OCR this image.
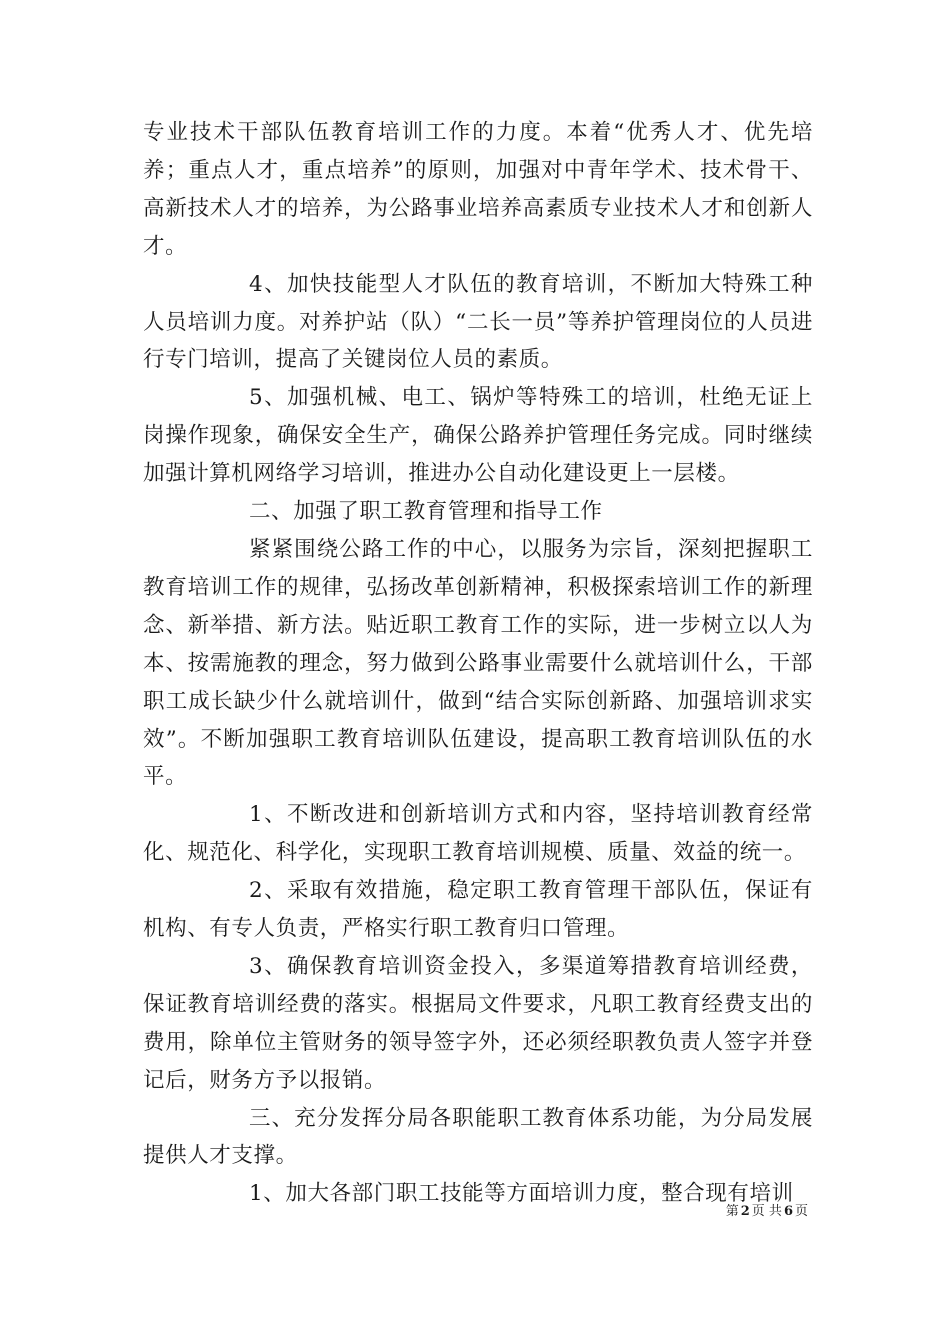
专业技术干部队伍教育培训工作的力度。本着“优秀人才、优先培养；重点人才，重点培养”的原则，加强对中青年学术、技术骨干、高新技术人才的培养，为公路事业培养高素质专业技术人才和创新人才。

4、加快技能型人才队伍的教育培训，不断加大特殊工种人员培训力度。对养护站（队）“二长一员”等养护管理岗位的人员进行专门培训，提高了关键岗位人员的素质。

5、加强机械、电工、锅炉等特殊工的培训，杜绝无证上岗操作现象，确保安全生产，确保公路养护管理任务完成。同时继续加强计算机网络学习培训，推进办公自动化建设更上一层楼。

二、加强了职工教育管理和指导工作

紧紧围绕公路工作的中心，以服务为宗旨，深刻把握职工教育培训工作的规律，弘扬改革创新精神，积极探索培训工作的新理念、新举措、新方法。贴近职工教育工作的实际，进一步树立以人为本、按需施教的理念，努力做到公路事业需要什么就培训什么，干部职工成长缺少什么就培训什，做到“结合实际创新路、加强培训求实效”。不断加强职工教育培训队伍建设，提高职工教育培训队伍的水平。

1、不断改进和创新培训方式和内容，坚持培训教育经常化、规范化、科学化，实现职工教育培训规模、质量、效益的统一。

2、采取有效措施，稳定职工教育管理干部队伍，保证有机构、有专人负责，严格实行职工教育归口管理。

3、确保教育培训资金投入，多渠道筹措教育培训经费，保证教育培训经费的落实。根据局文件要求，凡职工教育经费支出的费用，除单位主管财务的领导签字外，还必须经职教负责人签字并登记后，财务方予以报销。

三、充分发挥分局各职能职工教育体系功能，为分局发展提供人才支撑。

1、加大各部门职工技能等方面培训力度，整合现有培训

第 2 页 共 6 页
